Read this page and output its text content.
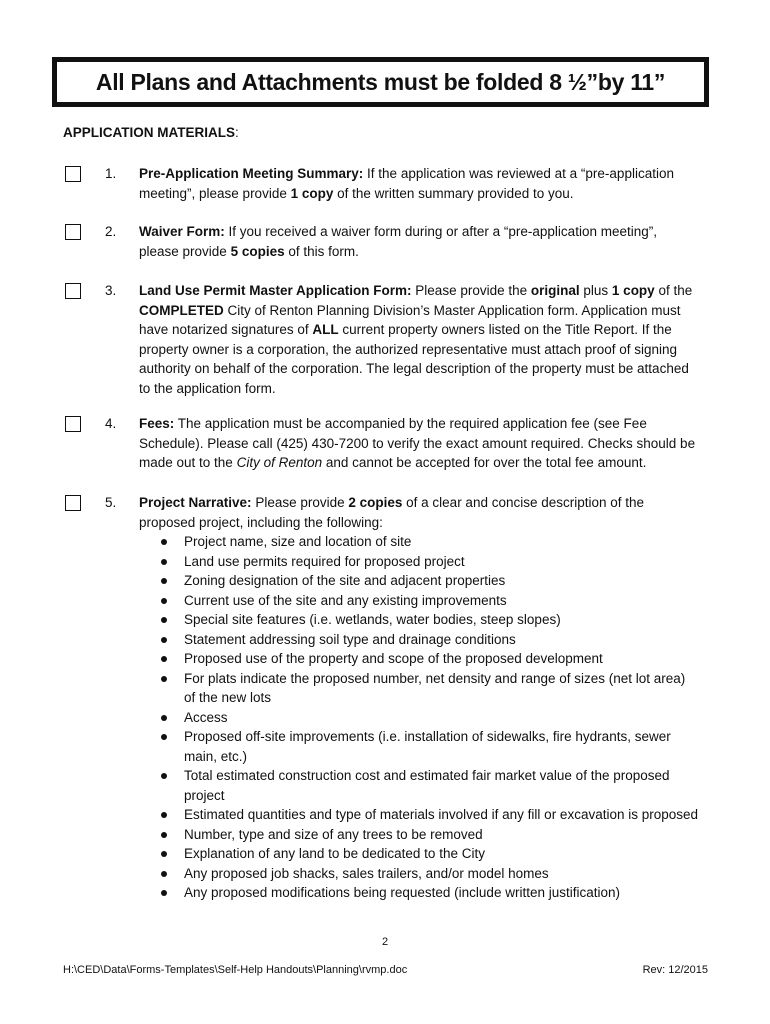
All Plans and Attachments must be folded 8 ½”by 11”
APPLICATION MATERIALS:
1. Pre-Application Meeting Summary: If the application was reviewed at a “pre-application meeting”, please provide 1 copy of the written summary provided to you.
2. Waiver Form: If you received a waiver form during or after a “pre-application meeting”, please provide 5 copies of this form.
3. Land Use Permit Master Application Form: Please provide the original plus 1 copy of the COMPLETED City of Renton Planning Division’s Master Application form. Application must have notarized signatures of ALL current property owners listed on the Title Report. If the property owner is a corporation, the authorized representative must attach proof of signing authority on behalf of the corporation. The legal description of the property must be attached to the application form.
4. Fees: The application must be accompanied by the required application fee (see Fee Schedule). Please call (425) 430-7200 to verify the exact amount required. Checks should be made out to the City of Renton and cannot be accepted for over the total fee amount.
5. Project Narrative: Please provide 2 copies of a clear and concise description of the proposed project, including the following:
Project name, size and location of site
Land use permits required for proposed project
Zoning designation of the site and adjacent properties
Current use of the site and any existing improvements
Special site features (i.e. wetlands, water bodies, steep slopes)
Statement addressing soil type and drainage conditions
Proposed use of the property and scope of the proposed development
For plats indicate the proposed number, net density and range of sizes (net lot area) of the new lots
Access
Proposed off-site improvements (i.e. installation of sidewalks, fire hydrants, sewer main, etc.)
Total estimated construction cost and estimated fair market value of the proposed project
Estimated quantities and type of materials involved if any fill or excavation is proposed
Number, type and size of any trees to be removed
Explanation of any land to be dedicated to the City
Any proposed job shacks, sales trailers, and/or model homes
Any proposed modifications being requested (include written justification)
2
H:\CED\Data\Forms-Templates\Self-Help Handouts\Planning\rvmp.doc	Rev: 12/2015
